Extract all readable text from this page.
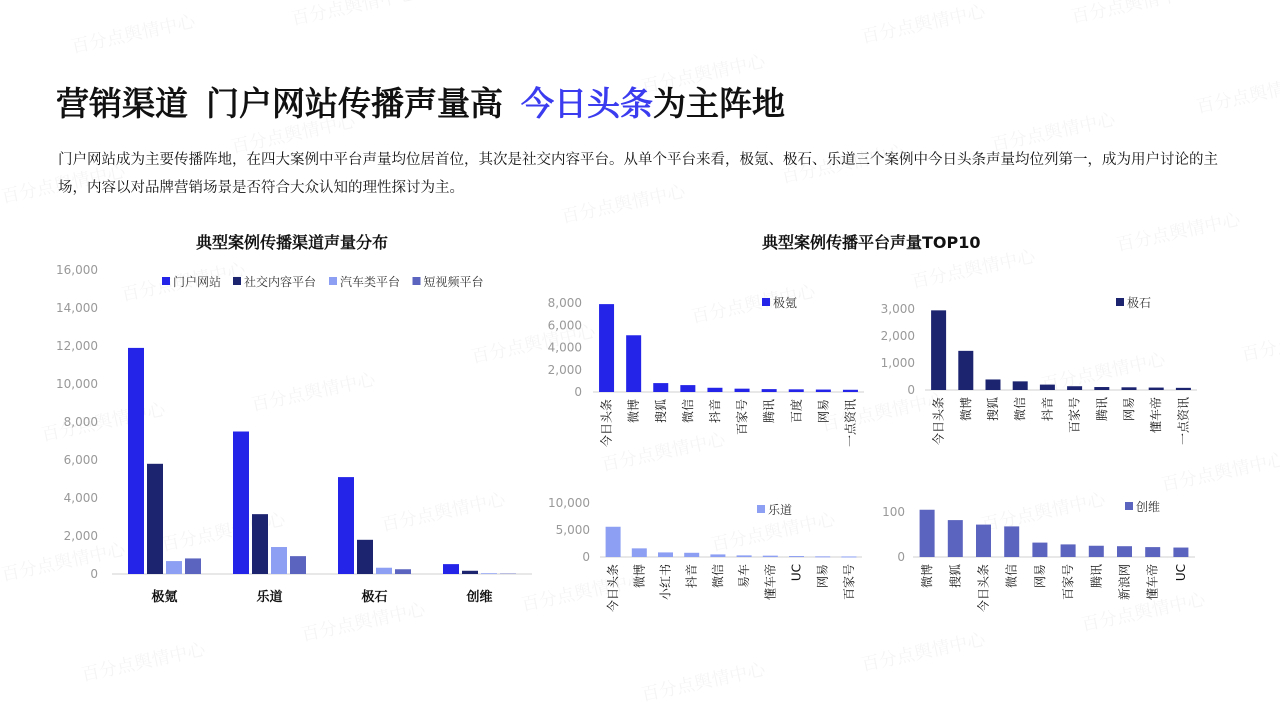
营销渠道 门户网站传播声量高 今日头条为主阵地
门户网站成为主要传播阵地，在四大案例中平台声量均位居首位，其次是社交内容平台。从单个平台来看，极氪、极石、乐道三个案例中今日头条声量均位列第一，成为用户讨论的主场，内容以对品牌营销场景是否符合大众认知的理性探讨为主。
典型案例传播渠道声量分布	典型案例传播平台声量TOP10
0
2,000
4,000
6,000
8,000
10,000
12,000
14,000
16,000
极氪	乐道	极石	创维
门户网站 社交内容平台 汽车类平台 短视频平台
0
2,000
4,000
6,000
8,000
今日头条 微博 搜狐 微信 抖音 百家号 腾讯 百度 网易 一点资讯
极氪
0
1,000
2,000
3,000
今日头条 微博 搜狐 微信 抖音 百家号 腾讯 网易 懂车帝 一点资讯
极石
0
5,000
10,000
今日头条 微博 小红书 抖音 微信 易车 懂车帝 UC 网易 百家号
乐道
0
100
微博 搜狐 今日头条 微信 网易 百家号 腾讯 新浪网 懂车帝 UC
创维
